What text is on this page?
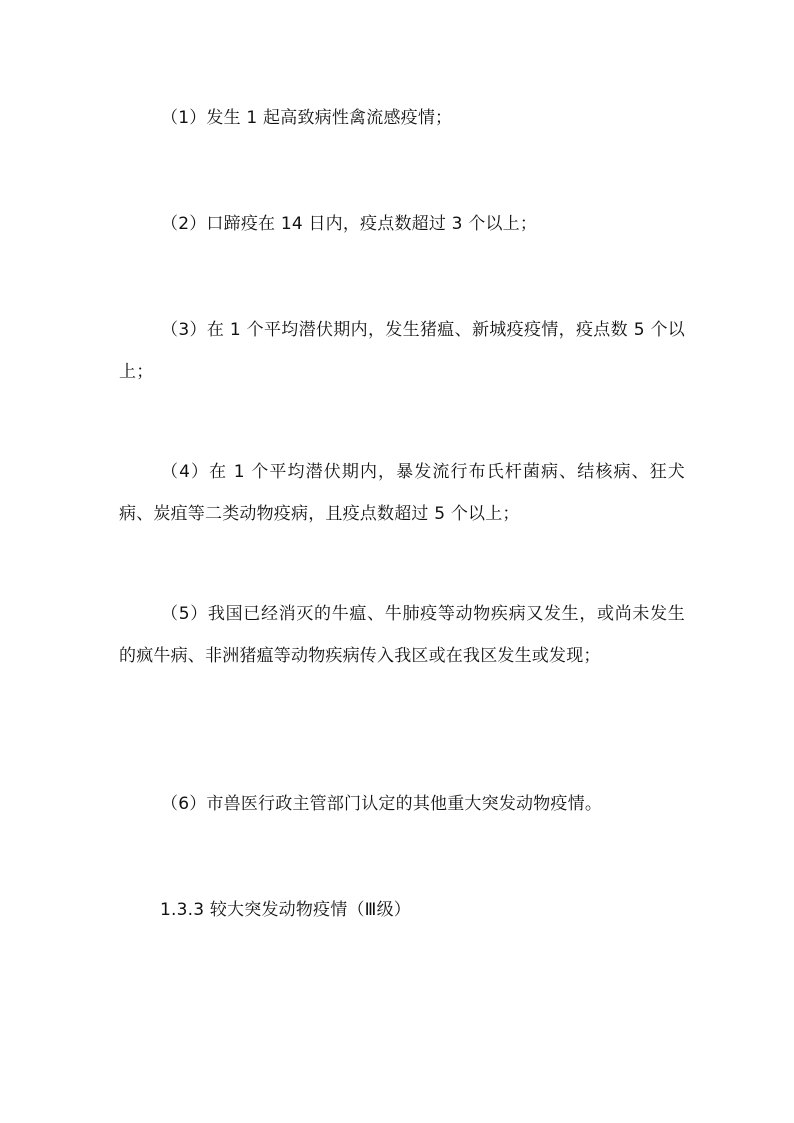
（1）发生 1 起高致病性禽流感疫情；

（2）口蹄疫在 14 日内，疫点数超过 3 个以上；

（3）在 1 个平均潜伏期内，发生猪瘟、新城疫疫情，疫点数 5 个以上；

（4）在 1 个平均潜伏期内，暴发流行布氏杆菌病、结核病、狂犬病、炭疽等二类动物疫病，且疫点数超过 5 个以上；

（5）我国已经消灭的牛瘟、牛肺疫等动物疾病又发生，或尚未发生的疯牛病、非洲猪瘟等动物疾病传入我区或在我区发生或发现；

（6）市兽医行政主管部门认定的其他重大突发动物疫情。

1.3.3 较大突发动物疫情（Ⅲ级）
